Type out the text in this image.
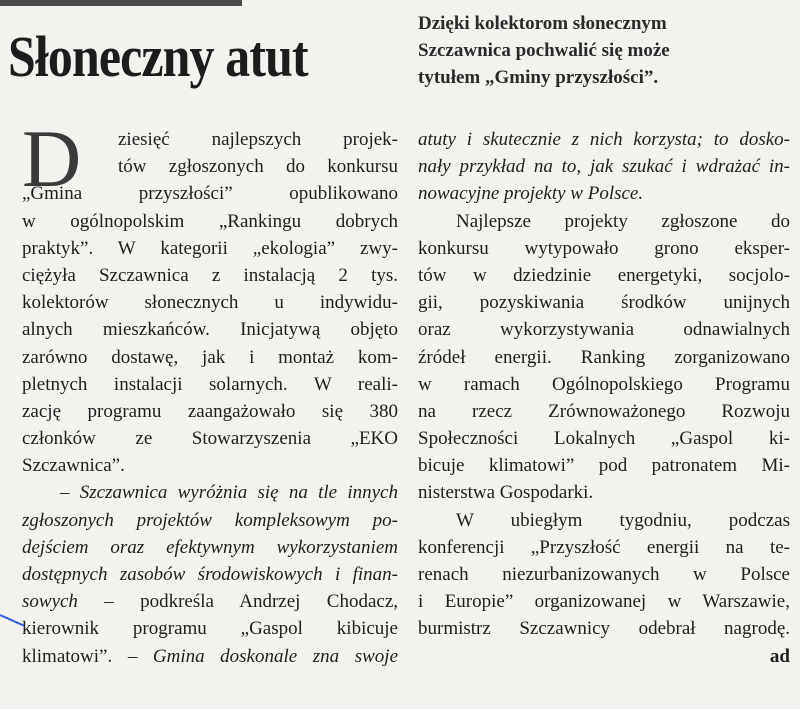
Słoneczny atut
Dzięki kolektorom słonecznym
Szczawnica pochwalić się może
tytułem „Gminy przyszłości”.
D	ziesięć najlepszych projek-
tów zgłoszonych do konkursu
„Gmina przyszłości” opublikowano
w ogólnopolskim „Rankingu dobrych
praktyk”. W kategorii „ekologia” zwy-
ciężyła Szczawnica z instalacją 2 tys.
kolektorów słonecznych u indywidu-
alnych mieszkańców. Inicjatywą objęto
zarówno dostawę, jak i montaż kom-
pletnych instalacji solarnych. W reali-
zację programu zaangażowało się 380
członków ze Stowarzyszenia „EKO
Szczawnica”.
– Szczawnica wyróżnia się na tle innych
zgłoszonych projektów kompleksowym po-
dejściem oraz efektywnym wykorzystaniem
dostępnych zasobów środowiskowych i finan-
sowych – podkreśla Andrzej Chodacz,
kierownik programu „Gaspol kibicuje
klimatowi”. – Gmina doskonale zna swoje
atuty i skutecznie z nich korzysta; to dosko-
nały przykład na to, jak szukać i wdrażać in-
nowacyjne projekty w Polsce.
Najlepsze projekty zgłoszone do
konkursu wytypowało grono eksper-
tów w dziedzinie energetyki, socjolo-
gii, pozyskiwania środków unijnych
oraz wykorzystywania odnawialnych
źródeł energii. Ranking zorganizowano
w ramach Ogólnopolskiego Programu
na rzecz Zrównoważonego Rozwoju
Społeczności Lokalnych „Gaspol ki-
bicuje klimatowi” pod patronatem Mi-
nisterstwa Gospodarki.
W ubiegłym tygodniu, podczas
konferencji „Przyszłość energii na te-
renach niezurbanizowanych w Polsce
i Europie” organizowanej w Warszawie,
burmistrz Szczawnicy odebrał nagrodę.
ad
